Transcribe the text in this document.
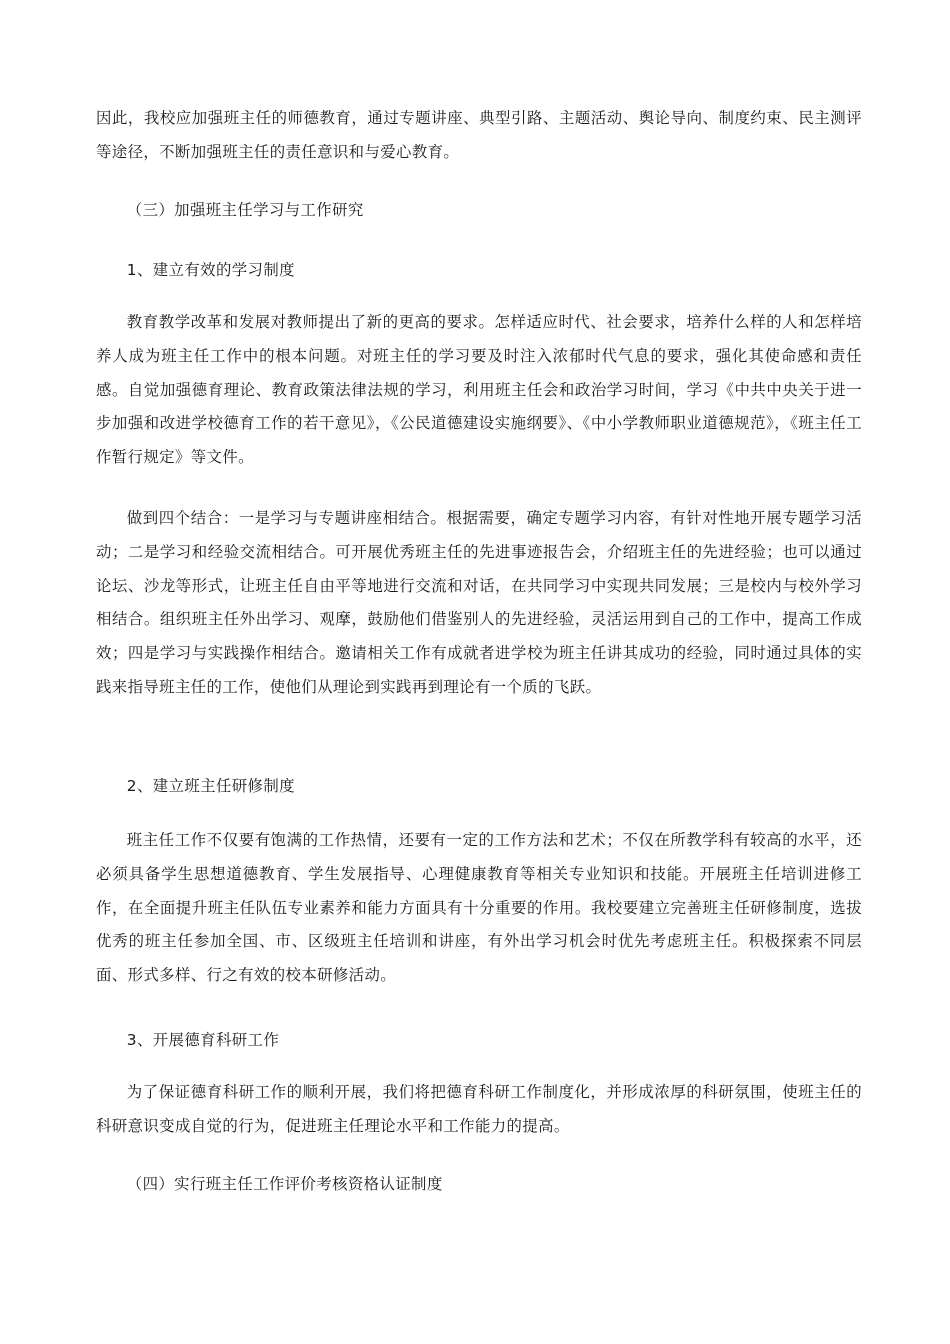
因此，我校应加强班主任的师德教育，通过专题讲座、典型引路、主题活动、舆论导向、制度约束、民主测评等途径，不断加强班主任的责任意识和与爱心教育。

（三）加强班主任学习与工作研究

1、建立有效的学习制度

教育教学改革和发展对教师提出了新的更高的要求。怎样适应时代、社会要求，培养什么样的人和怎样培养人成为班主任工作中的根本问题。对班主任的学习要及时注入浓郁时代气息的要求，强化其使命感和责任感。自觉加强德育理论、教育政策法律法规的学习，利用班主任会和政治学习时间，学习《中共中央关于进一步加强和改进学校德育工作的若干意见》，《公民道德建设实施纲要》、《中小学教师职业道德规范》，《班主任工作暂行规定》等文件。

做到四个结合：一是学习与专题讲座相结合。根据需要，确定专题学习内容，有针对性地开展专题学习活动；二是学习和经验交流相结合。可开展优秀班主任的先进事迹报告会，介绍班主任的先进经验；也可以通过论坛、沙龙等形式，让班主任自由平等地进行交流和对话，在共同学习中实现共同发展；三是校内与校外学习相结合。组织班主任外出学习、观摩，鼓励他们借鉴别人的先进经验，灵活运用到自己的工作中，提高工作成效；四是学习与实践操作相结合。邀请相关工作有成就者进学校为班主任讲其成功的经验，同时通过具体的实践来指导班主任的工作，使他们从理论到实践再到理论有一个质的飞跃。

2、建立班主任研修制度

班主任工作不仅要有饱满的工作热情，还要有一定的工作方法和艺术；不仅在所教学科有较高的水平，还必须具备学生思想道德教育、学生发展指导、心理健康教育等相关专业知识和技能。开展班主任培训进修工作，在全面提升班主任队伍专业素养和能力方面具有十分重要的作用。我校要建立完善班主任研修制度，选拔优秀的班主任参加全国、市、区级班主任培训和讲座，有外出学习机会时优先考虑班主任。积极探索不同层面、形式多样、行之有效的校本研修活动。

3、开展德育科研工作

为了保证德育科研工作的顺利开展，我们将把德育科研工作制度化，并形成浓厚的科研氛围，使班主任的科研意识变成自觉的行为，促进班主任理论水平和工作能力的提高。

（四）实行班主任工作评价考核资格认证制度
